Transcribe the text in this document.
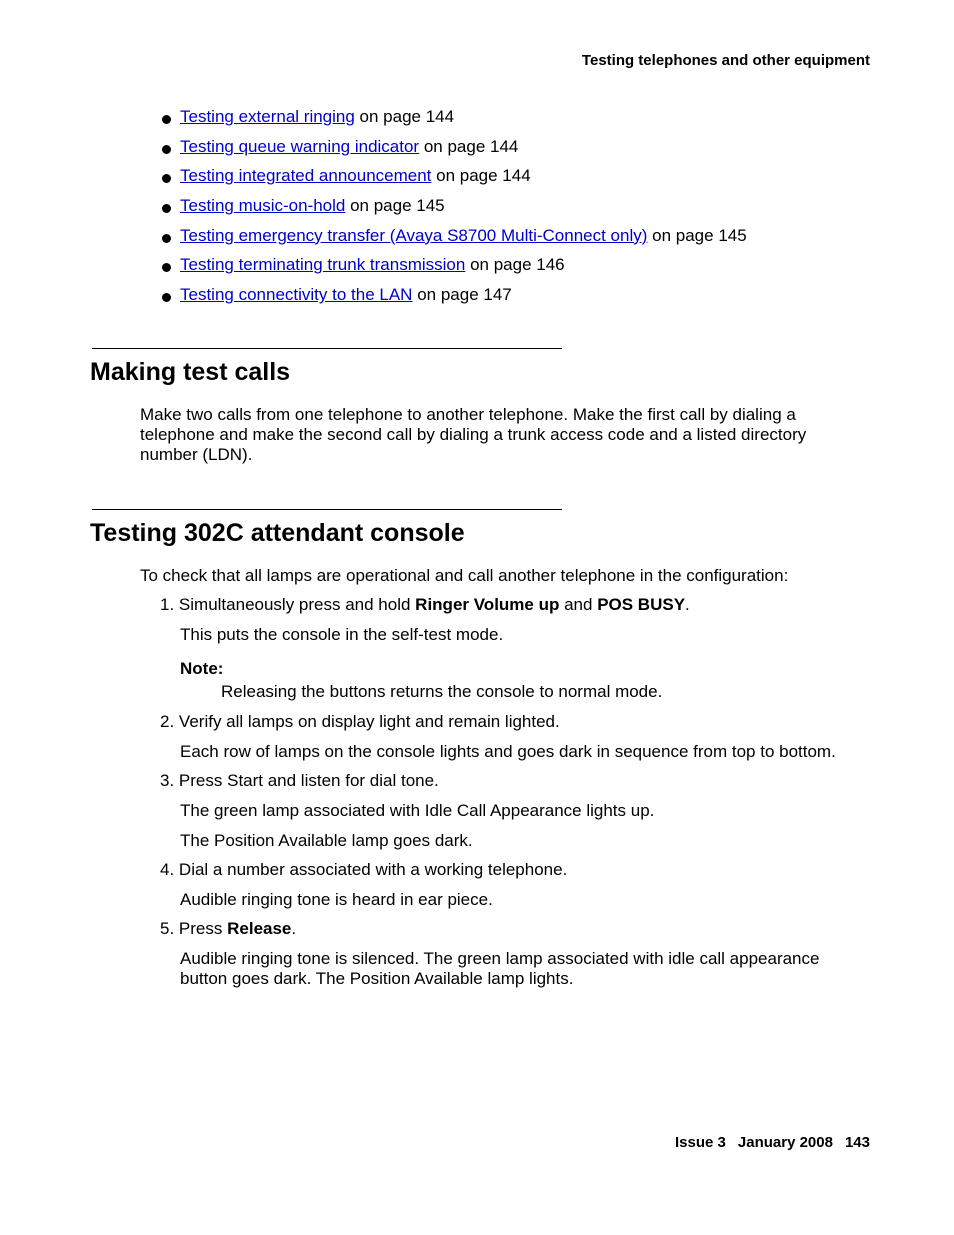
Testing telephones and other equipment
Testing external ringing on page 144
Testing queue warning indicator on page 144
Testing integrated announcement on page 144
Testing music-on-hold on page 145
Testing emergency transfer (Avaya S8700 Multi-Connect only) on page 145
Testing terminating trunk transmission on page 146
Testing connectivity to the LAN on page 147
Making test calls
Make two calls from one telephone to another telephone. Make the first call by dialing a
telephone and make the second call by dialing a trunk access code and a listed directory
number (LDN).
Testing 302C attendant console
To check that all lamps are operational and call another telephone in the configuration:
1. Simultaneously press and hold Ringer Volume up and POS BUSY.
This puts the console in the self-test mode.
Note:
Releasing the buttons returns the console to normal mode.
2. Verify all lamps on display light and remain lighted.
Each row of lamps on the console lights and goes dark in sequence from top to bottom.
3. Press Start and listen for dial tone.
The green lamp associated with Idle Call Appearance lights up.
The Position Available lamp goes dark.
4. Dial a number associated with a working telephone.
Audible ringing tone is heard in ear piece.
5. Press Release.
Audible ringing tone is silenced. The green lamp associated with idle call appearance
button goes dark. The Position Available lamp lights.
Issue 3 January 2008 143
